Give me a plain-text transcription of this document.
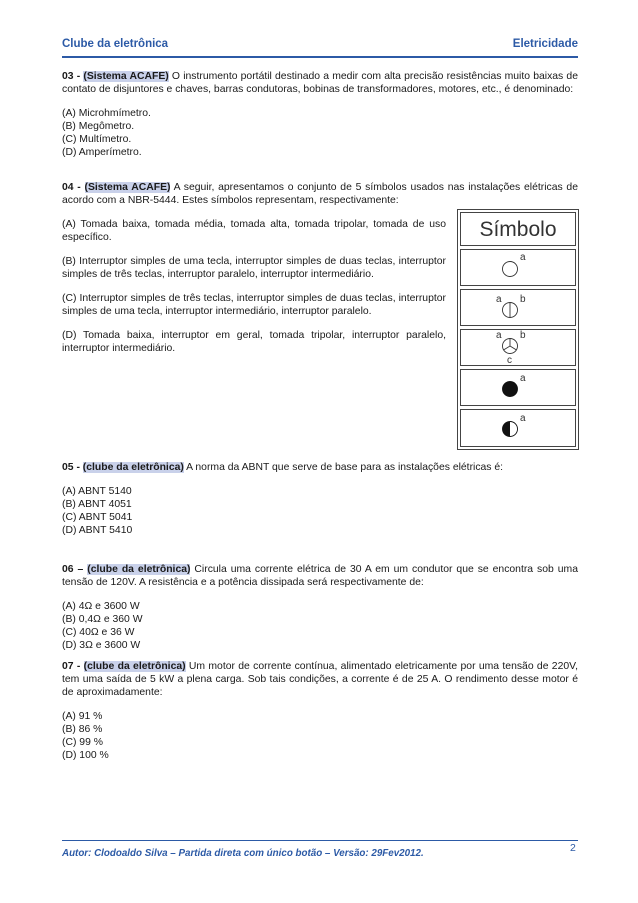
Clube da eletrônica	Eletricidade

03 - (Sistema ACAFE) O instrumento portátil destinado a medir com alta precisão resistências muito baixas de contato de disjuntores e chaves, barras condutoras, bobinas de transformadores, motores, etc., é denominado:

(A) Microhmímetro.

(B) Megômetro.

(C) Multímetro.

(D) Amperímetro.

04 - (Sistema ACAFE) A seguir, apresentamos o conjunto de 5 símbolos usados nas instalações elétricas de acordo com a NBR-5444. Estes símbolos representam, respectivamente:

(A) Tomada baixa, tomada média, tomada alta, tomada tripolar, tomada de uso específico.

(B) Interruptor simples de uma tecla, interruptor simples de duas teclas, interruptor simples de três teclas, interruptor paralelo, interruptor intermediário.

(C) Interruptor simples de três teclas, interruptor simples de duas teclas, interruptor simples de uma tecla, interruptor intermediário, interruptor paralelo.

(D) Tomada baixa, interruptor em geral, tomada tripolar, interruptor paralelo, interruptor intermediário.

Símbolo
a
a b
a b
c
a
a

05 - (clube da eletrônica) A norma da ABNT que serve de base para as instalações elétricas é:

(A) ABNT 5140

(B) ABNT 4051

(C) ABNT 5041

(D) ABNT 5410

06 – (clube da eletrônica) Circula uma corrente elétrica de 30 A em um condutor que se encontra sob uma tensão de 120V. A resistência e a potência dissipada será respectivamente de:

(A) 4Ω e 3600 W

(B) 0,4Ω e 360 W

(C) 40Ω e 36 W

(D) 3Ω e 3600 W

07 - (clube da eletrônica) Um motor de corrente contínua, alimentado eletricamente por uma tensão de 220V, tem uma saída de 5 kW a plena carga. Sob tais condições, a corrente é de 25 A. O rendimento desse motor é de aproximadamente:

(A) 91 %

(B) 86 %

(C) 99 %

(D) 100 %

Autor: Clodoaldo Silva – Partida direta com único botão – Versão: 29Fev2012.	2
